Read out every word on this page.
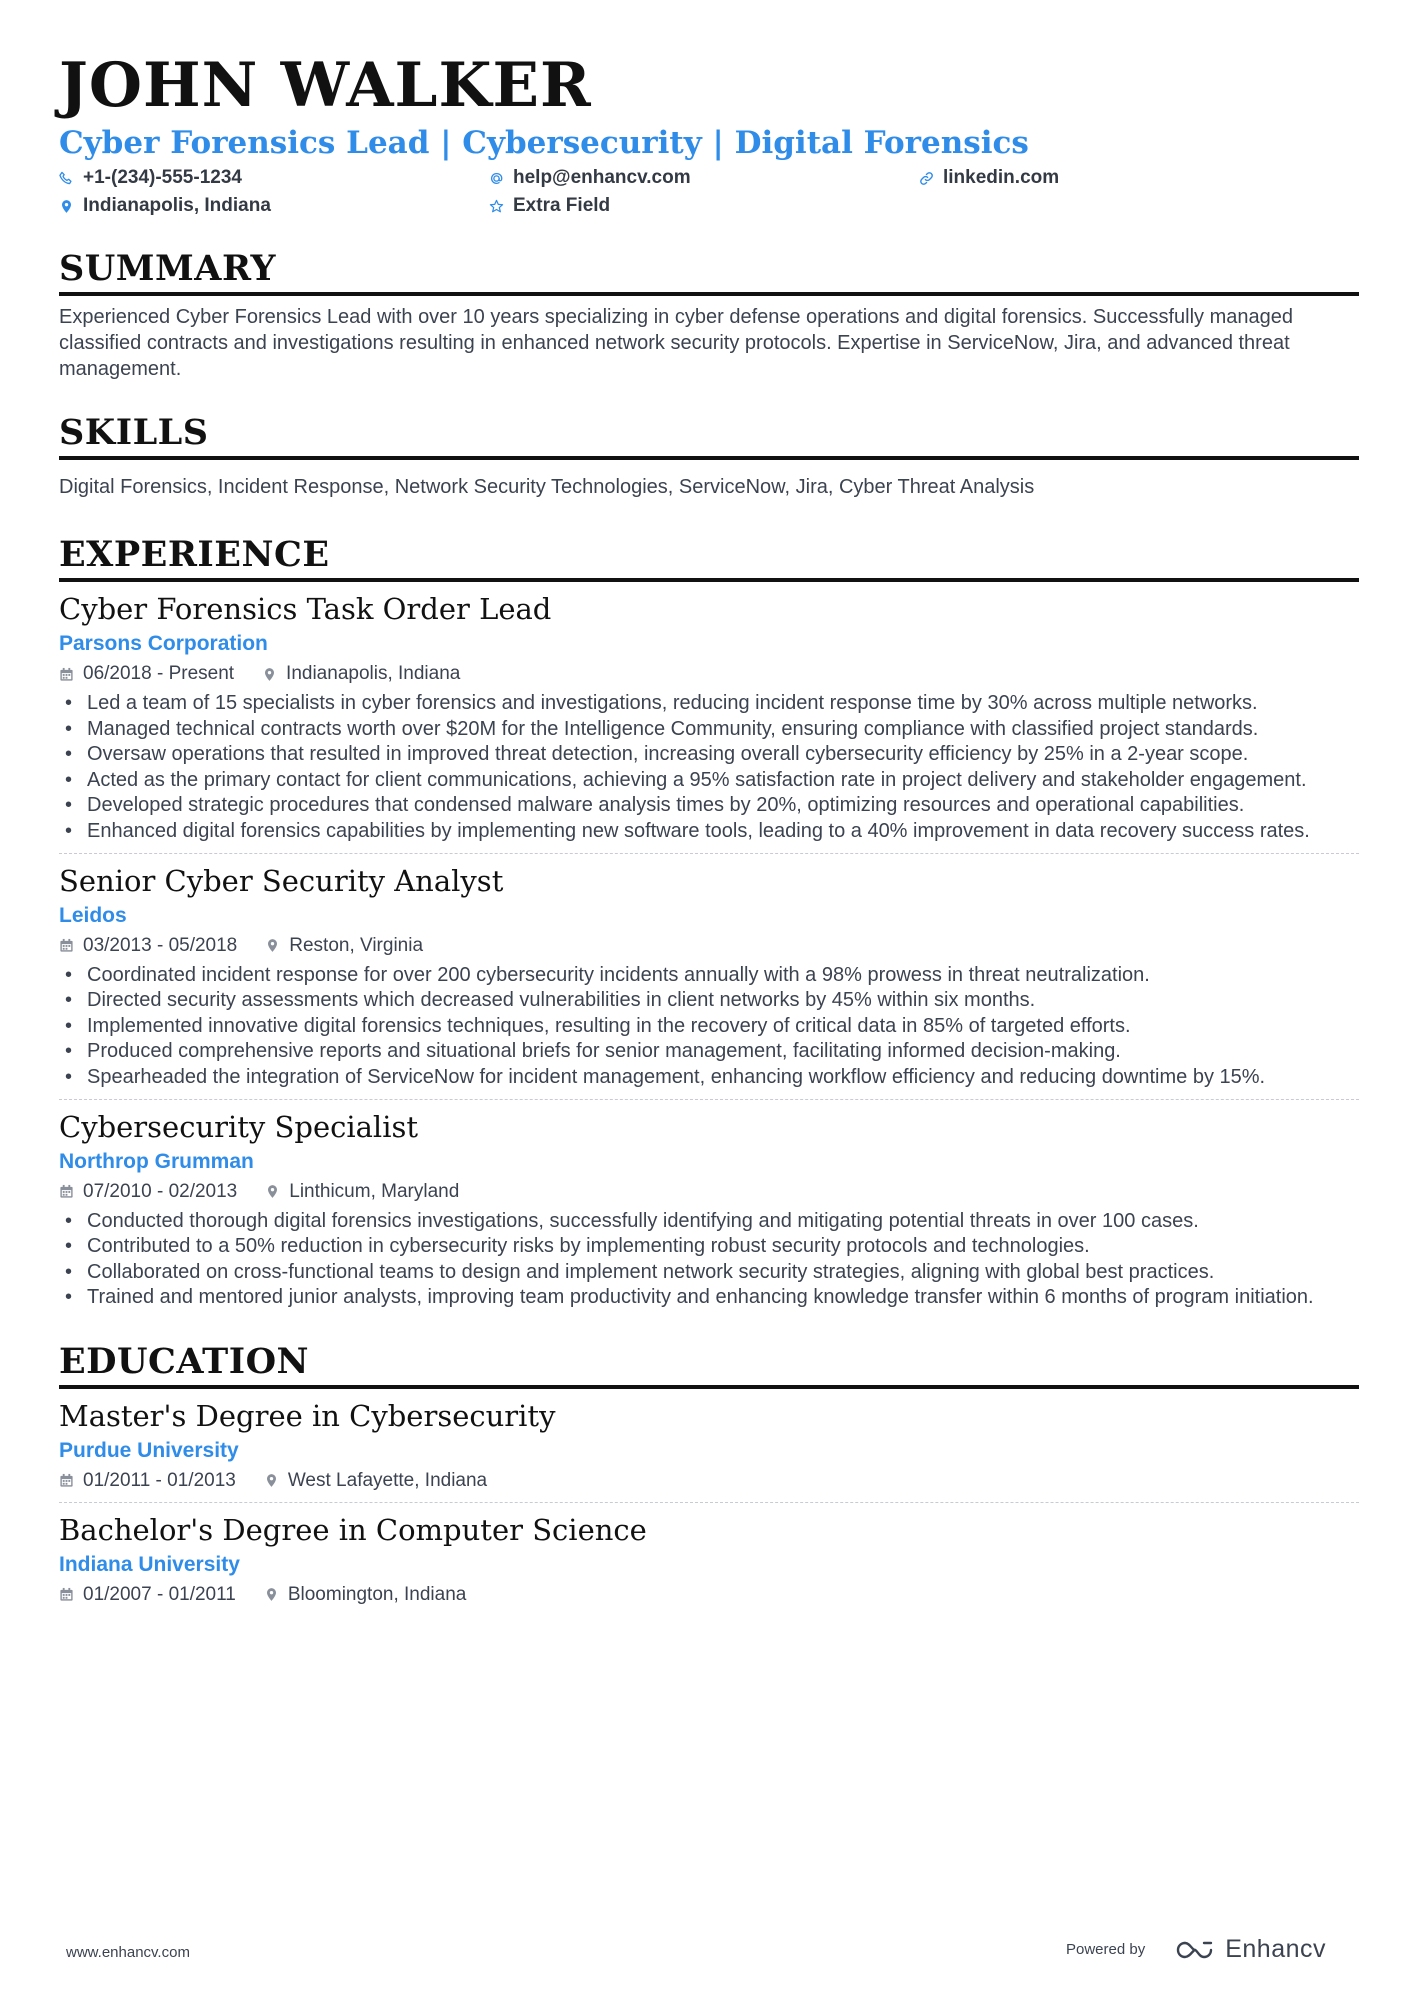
JOHN WALKER
Cyber Forensics Lead | Cybersecurity | Digital Forensics
+1-(234)-555-1234	help@enhancv.com	linkedin.com
Indianapolis, Indiana	Extra Field
SUMMARY
Experienced Cyber Forensics Lead with over 10 years specializing in cyber defense operations and digital forensics. Successfully managed classified contracts and investigations resulting in enhanced network security protocols. Expertise in ServiceNow, Jira, and advanced threat management.
SKILLS
Digital Forensics, Incident Response, Network Security Technologies, ServiceNow, Jira, Cyber Threat Analysis
EXPERIENCE
Cyber Forensics Task Order Lead
Parsons Corporation
06/2018 - Present	Indianapolis, Indiana
• Led a team of 15 specialists in cyber forensics and investigations, reducing incident response time by 30% across multiple networks.
• Managed technical contracts worth over $20M for the Intelligence Community, ensuring compliance with classified project standards.
• Oversaw operations that resulted in improved threat detection, increasing overall cybersecurity efficiency by 25% in a 2-year scope.
• Acted as the primary contact for client communications, achieving a 95% satisfaction rate in project delivery and stakeholder engagement.
• Developed strategic procedures that condensed malware analysis times by 20%, optimizing resources and operational capabilities.
• Enhanced digital forensics capabilities by implementing new software tools, leading to a 40% improvement in data recovery success rates.
Senior Cyber Security Analyst
Leidos
03/2013 - 05/2018	Reston, Virginia
• Coordinated incident response for over 200 cybersecurity incidents annually with a 98% prowess in threat neutralization.
• Directed security assessments which decreased vulnerabilities in client networks by 45% within six months.
• Implemented innovative digital forensics techniques, resulting in the recovery of critical data in 85% of targeted efforts.
• Produced comprehensive reports and situational briefs for senior management, facilitating informed decision-making.
• Spearheaded the integration of ServiceNow for incident management, enhancing workflow efficiency and reducing downtime by 15%.
Cybersecurity Specialist
Northrop Grumman
07/2010 - 02/2013	Linthicum, Maryland
• Conducted thorough digital forensics investigations, successfully identifying and mitigating potential threats in over 100 cases.
• Contributed to a 50% reduction in cybersecurity risks by implementing robust security protocols and technologies.
• Collaborated on cross-functional teams to design and implement network security strategies, aligning with global best practices.
• Trained and mentored junior analysts, improving team productivity and enhancing knowledge transfer within 6 months of program initiation.
EDUCATION
Master's Degree in Cybersecurity
Purdue University
01/2011 - 01/2013	West Lafayette, Indiana
Bachelor's Degree in Computer Science
Indiana University
01/2007 - 01/2011	Bloomington, Indiana
www.enhancv.com	Powered by	Enhancv
